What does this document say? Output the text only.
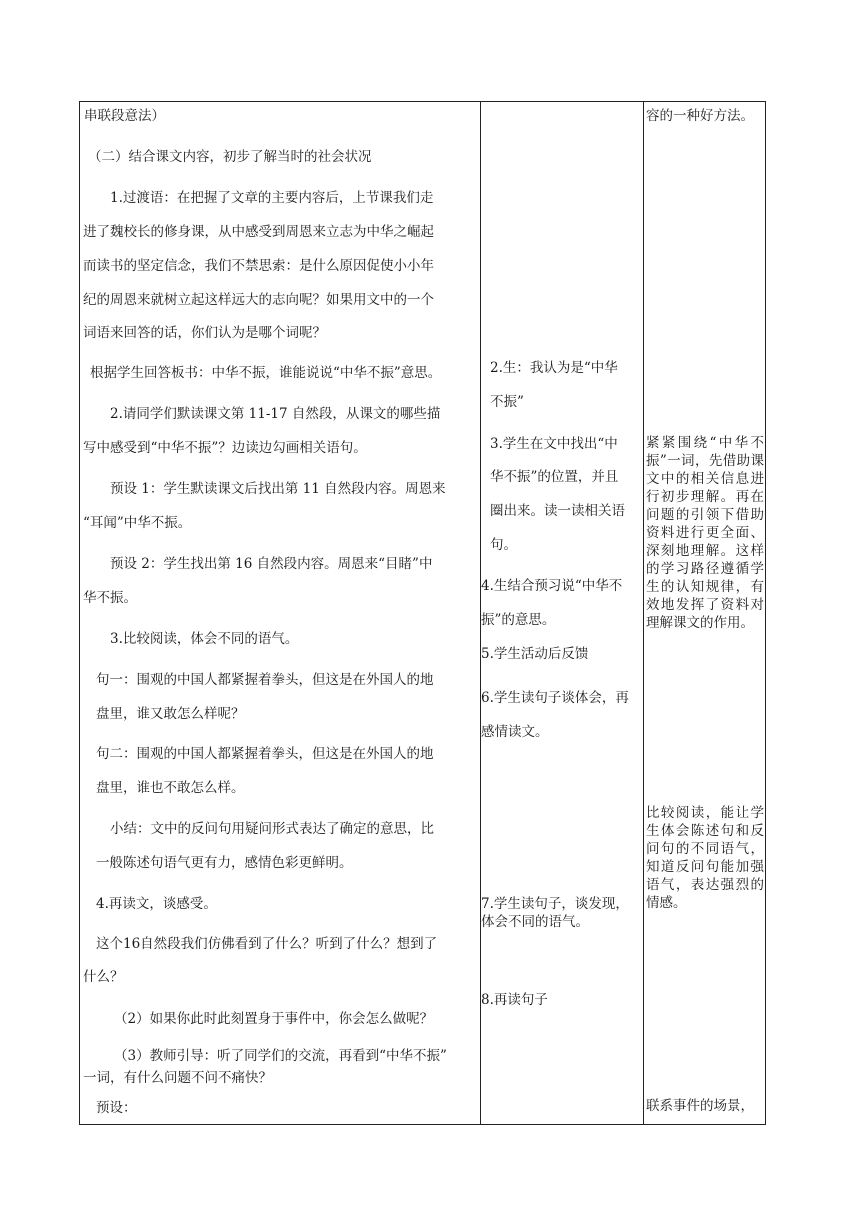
串联段意法）
（二）结合课文内容，初步了解当时的社会状况
1.过渡语：在把握了文章的主要内容后，上节课我们走
进了魏校长的修身课，从中感受到周恩来立志为中华之崛起
而读书的坚定信念，我们不禁思索：是什么原因促使小小年
纪的周恩来就树立起这样远大的志向呢？如果用文中的一个
词语来回答的话，你们认为是哪个词呢？
根据学生回答板书：中华不振，谁能说说“中华不振”意思。
2.请同学们默读课文第 11-17 自然段，从课文的哪些描
写中感受到“中华不振”？边读边勾画相关语句。
预设 1：学生默读课文后找出第 11 自然段内容。周恩来
“耳闻”中华不振。
预设 2：学生找出第 16 自然段内容。周恩来“目睹”中
华不振。
3.比较阅读，体会不同的语气。
句一：围观的中国人都紧握着拳头，但这是在外国人的地
盘里，谁又敢怎么样呢？
句二：围观的中国人都紧握着拳头，但这是在外国人的地
盘里，谁也不敢怎么样。
小结：文中的反问句用疑问形式表达了确定的意思，比
一般陈述句语气更有力，感情色彩更鲜明。
4.再读文，谈感受。
这个16自然段我们仿佛看到了什么？听到了什么？想到了
什么？
（2）如果你此时此刻置身于事件中，你会怎么做呢？
（3）教师引导：听了同学们的交流，再看到“中华不振”
一词，有什么问题不问不痛快？
预设：
2.生：我认为是“中华
不振”
3.学生在文中找出“中
华不振”的位置，并且
圈出来。读一读相关语
句。
4.生结合预习说“中华不
振”的意思。
5.学生活动后反馈
6.学生读句子谈体会，再
感情读文。
7.学生读句子，谈发现，
体会不同的语气。
8.再读句子
容的一种好方法。
紧紧围绕“中华不振”一词，先借助课文中的相关信息进行初步理解。再在问题的引领下借助资料进行更全面、深刻地理解。这样的学习路径遵循学生的认知规律，有效地发挥了资料对理解课文的作用。
比较阅读，能让学生体会陈述句和反问句的不同语气，知道反问句能加强语气，表达强烈的情感。
联系事件的场景，
